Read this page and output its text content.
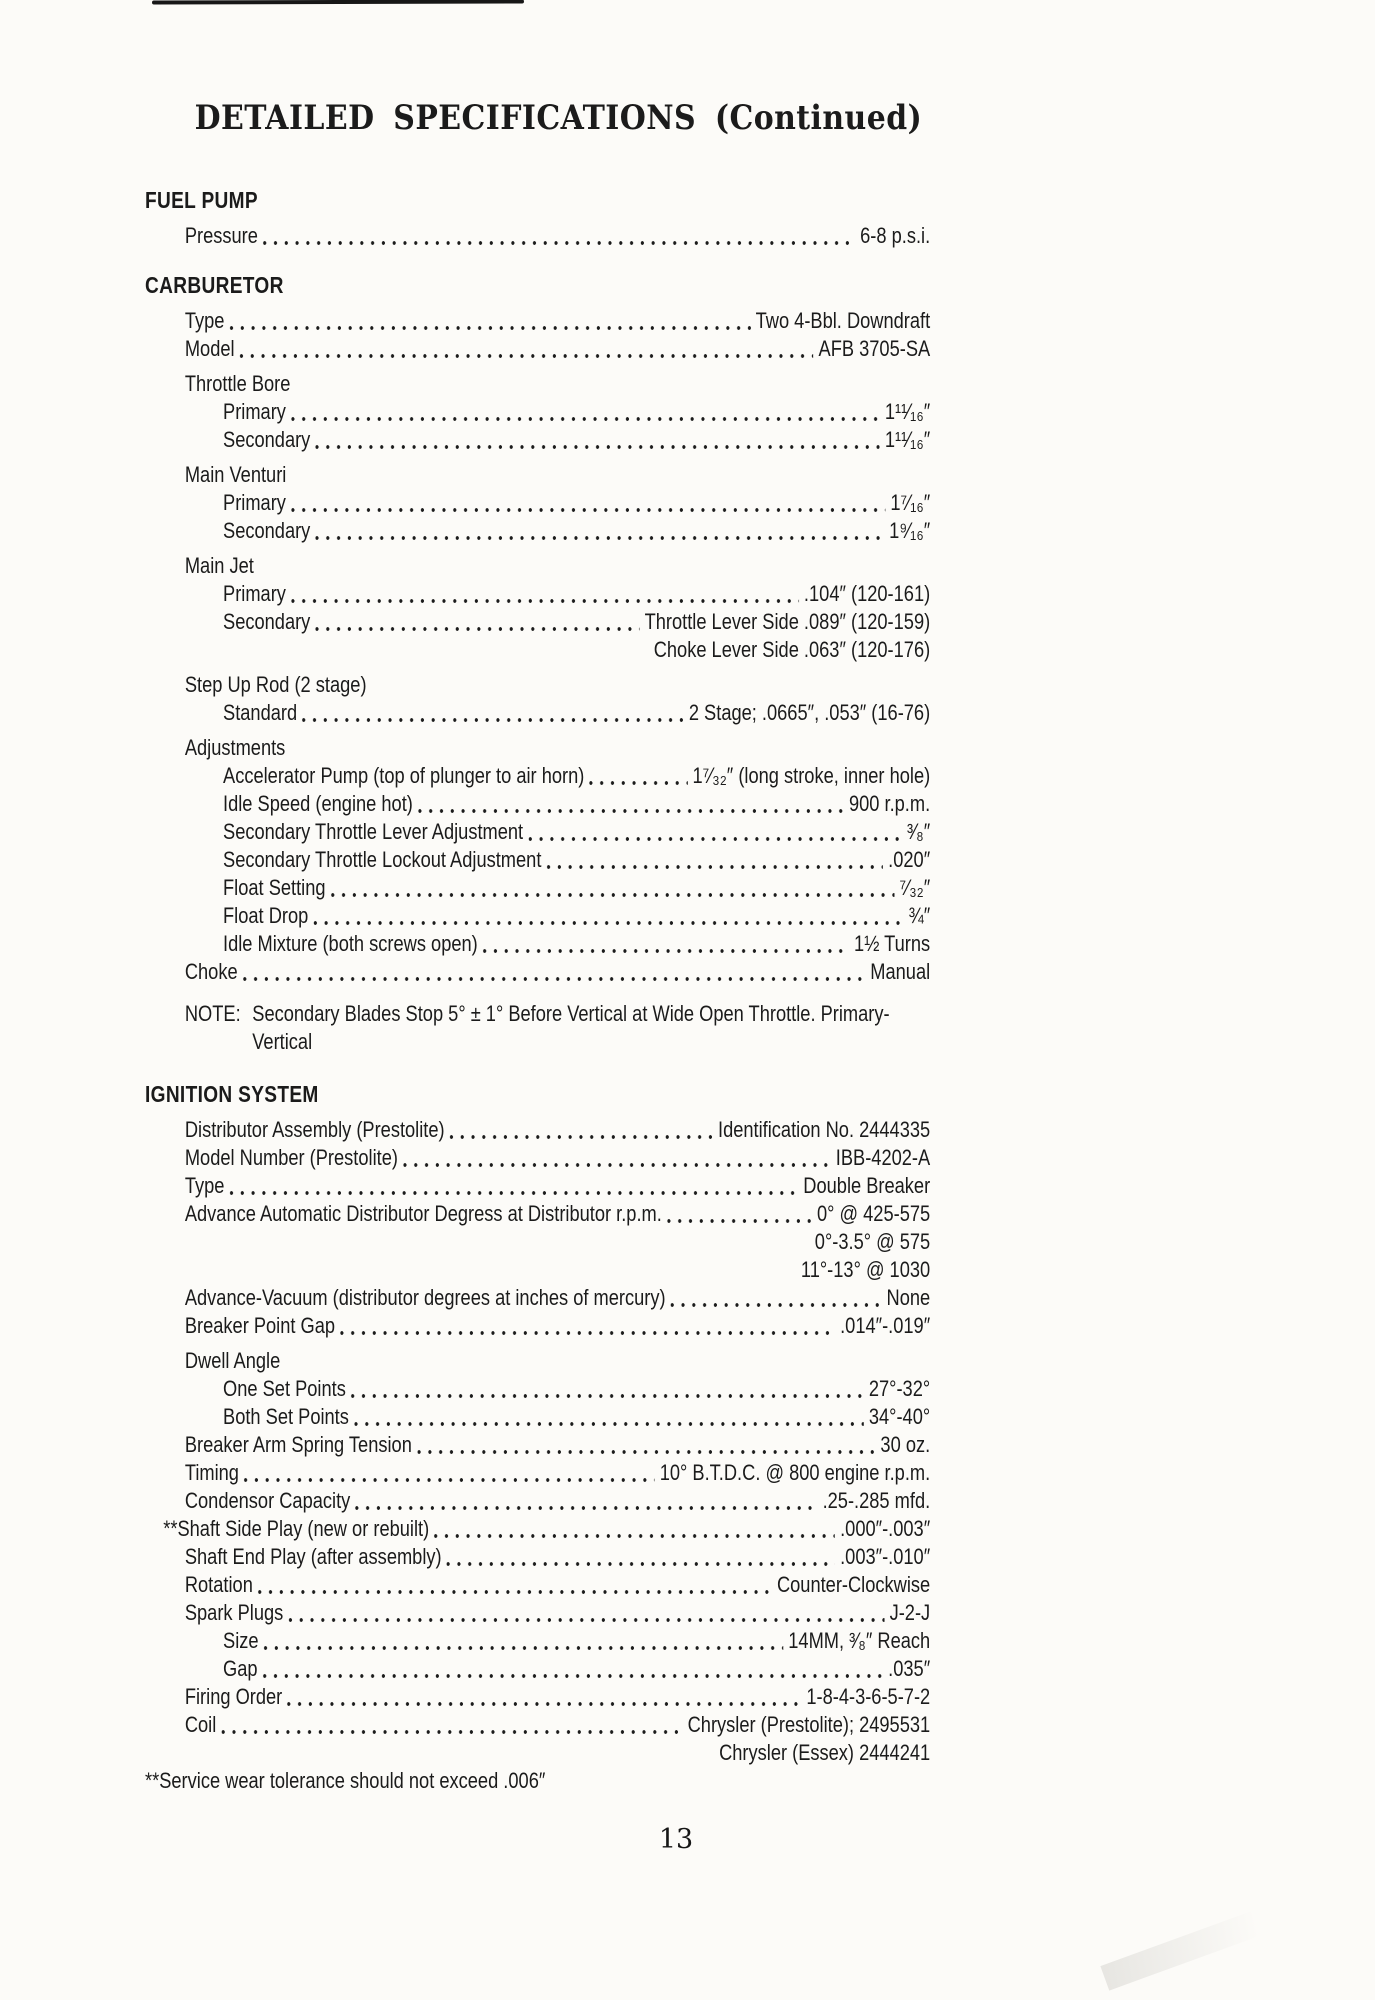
DETAILED SPECIFICATIONS (Continued)
FUEL PUMP
Pressure	6-8 p.s.i.
CARBURETOR
Type	Two 4-Bbl. Downdraft
Model	AFB 3705-SA
Throttle Bore
Primary	1¹¹⁄₁₆″
Secondary	1¹¹⁄₁₆″
Main Venturi
Primary	1⁷⁄₁₆″
Secondary	1⁹⁄₁₆″
Main Jet
Primary	.104″ (120-161)
Secondary	Throttle Lever Side .089″ (120-159)
Choke Lever Side .063″ (120-176)
Step Up Rod (2 stage)
Standard	2 Stage; .0665″, .053″ (16-76)
Adjustments
Accelerator Pump (top of plunger to air horn)	1⁷⁄₃₂″ (long stroke, inner hole)
Idle Speed (engine hot)	900 r.p.m.
Secondary Throttle Lever Adjustment	³⁄₈″
Secondary Throttle Lockout Adjustment	.020″
Float Setting	⁷⁄₃₂″
Float Drop	¾″
Idle Mixture (both screws open)	1½ Turns
Choke	Manual
NOTE: Secondary Blades Stop 5° ± 1° Before Vertical at Wide Open Throttle. Primary-
Vertical
IGNITION SYSTEM
Distributor Assembly (Prestolite)	Identification No. 2444335
Model Number (Prestolite)	IBB-4202-A
Type	Double Breaker
Advance Automatic Distributor Degress at Distributor r.p.m.	0° @ 425-575
0°-3.5° @ 575
11°-13° @ 1030
Advance-Vacuum (distributor degrees at inches of mercury)	None
Breaker Point Gap	.014″-.019″
Dwell Angle
One Set Points	27°-32°
Both Set Points	34°-40°
Breaker Arm Spring Tension	30 oz.
Timing	10° B.T.D.C. @ 800 engine r.p.m.
Condensor Capacity	.25-.285 mfd.
**Shaft Side Play (new or rebuilt)	.000″-.003″
Shaft End Play (after assembly)	.003″-.010″
Rotation	Counter-Clockwise
Spark Plugs	J-2-J
Size	14MM, ³⁄₈″ Reach
Gap	.035″
Firing Order	1-8-4-3-6-5-7-2
Coil	Chrysler (Prestolite); 2495531
Chrysler (Essex) 2444241
**Service wear tolerance should not exceed .006″
13
